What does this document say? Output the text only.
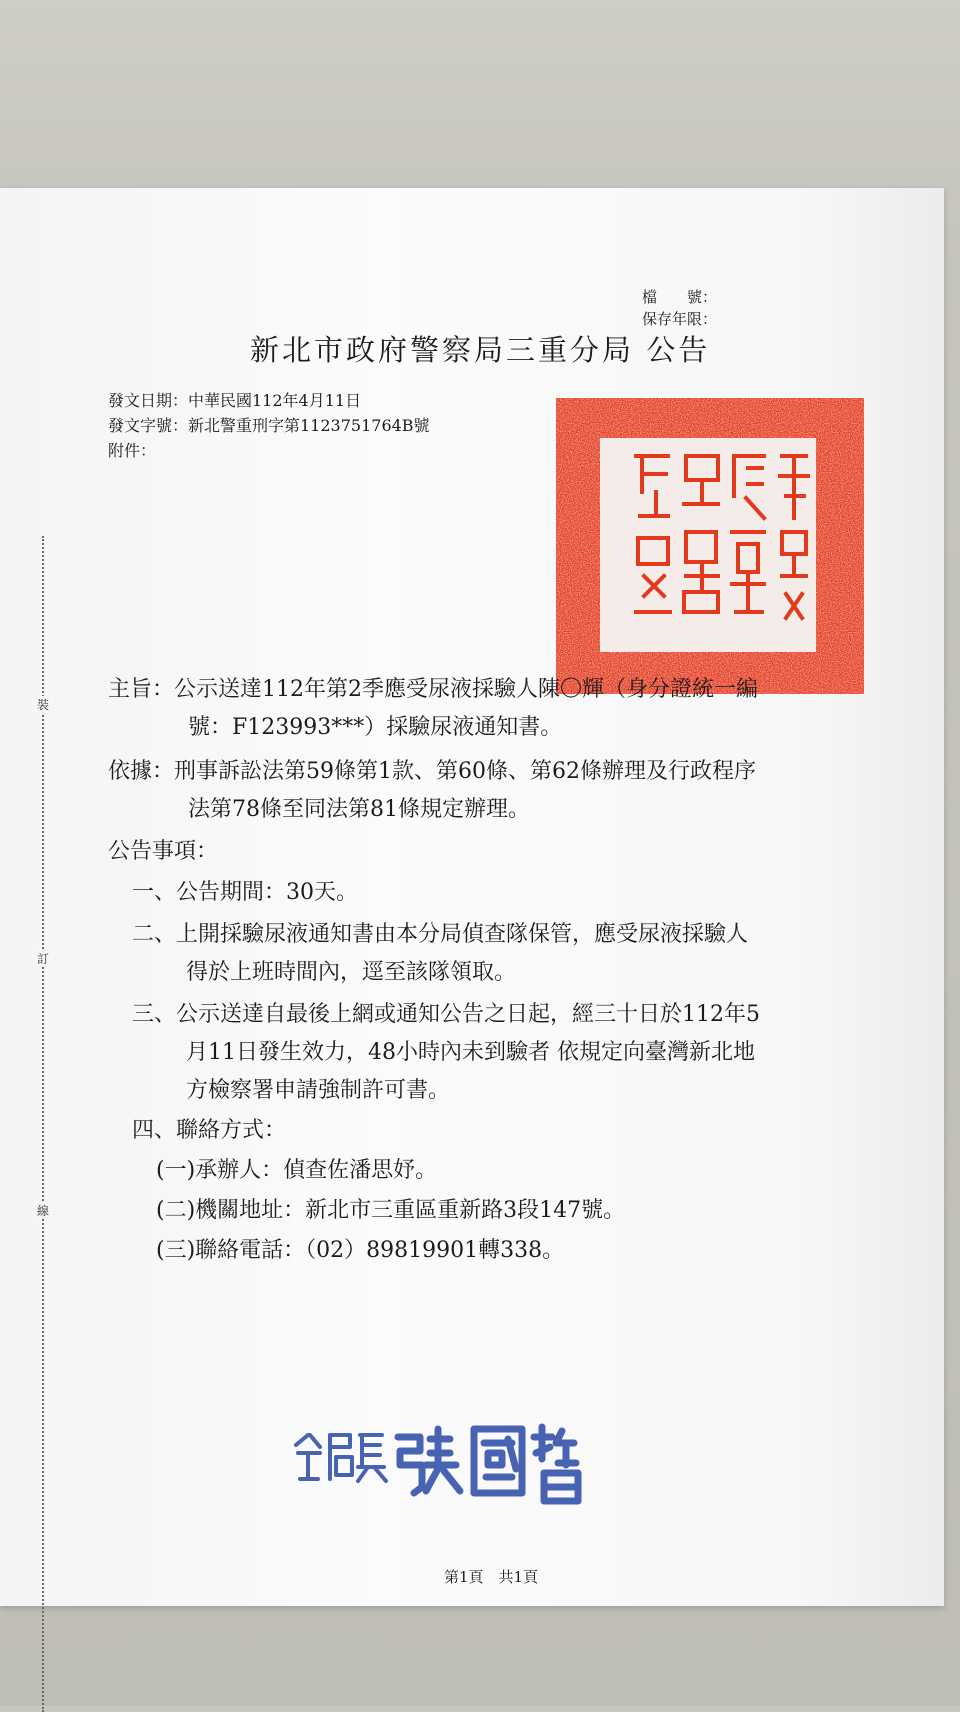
裝
訂
線
檔　　號：
保存年限：
新北市政府警察局三重分局 公告
發文日期：中華民國112年4月11日
發文字號：新北警重刑字第1123751764B號
附件：
主旨：公示送達112年第2季應受尿液採驗人陳〇輝（身分證統一編
號：F123993***）採驗尿液通知書。
依據：刑事訴訟法第59條第1款、第60條、第62條辦理及行政程序
法第78條至同法第81條規定辦理。
公告事項：
一、公告期間：30天。
二、上開採驗尿液通知書由本分局偵查隊保管，應受尿液採驗人
得於上班時間內，逕至該隊領取。
三、公示送達自最後上網或通知公告之日起，經三十日於112年5
月11日發生效力，48小時內未到驗者 依規定向臺灣新北地
方檢察署申請強制許可書。
四、聯絡方式：
(一)承辦人：偵查佐潘思妤。
(二)機關地址：新北市三重區重新路3段147號。
(三)聯絡電話：（02）89819901轉338。
第1頁　共1頁
